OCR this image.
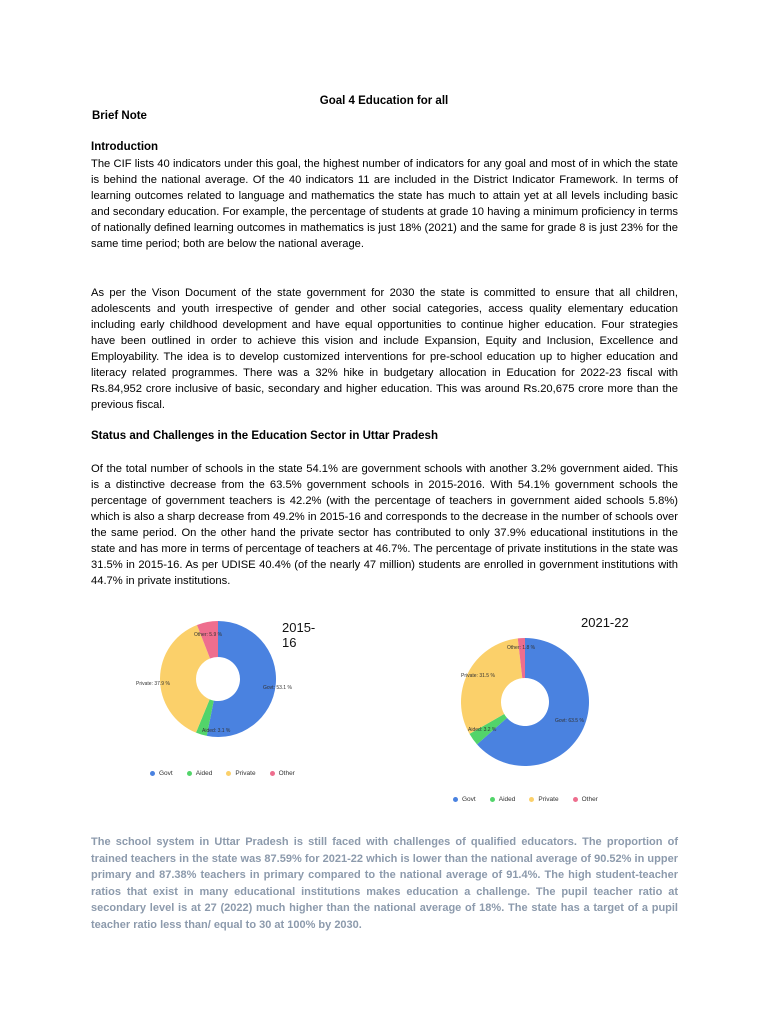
Goal 4 Education for all
Brief Note
Introduction
The CIF lists 40 indicators under this goal, the highest number of indicators for any goal and most of in which the state is behind the national average. Of the 40 indicators 11 are included in the District Indicator Framework. In terms of learning outcomes related to language and mathematics the state has much to attain yet at all levels including basic and secondary education. For example, the percentage of students at grade 10 having a minimum proficiency in terms of nationally defined learning outcomes in mathematics is just 18% (2021) and the same for grade 8 is just 23% for the same time period; both are below the national average.
As per the Vison Document of the state government for 2030 the state is committed to ensure that all children, adolescents and youth irrespective of gender and other social categories, access quality elementary education including early childhood development and have equal opportunities to continue higher education. Four strategies have been outlined in order to achieve this vision and include Expansion, Equity and Inclusion, Excellence and Employability. The idea is to develop customized interventions for pre-school education up to higher education and literacy related programmes. There was a 32% hike in budgetary allocation in Education for 2022-23 fiscal with Rs.84,952 crore inclusive of basic, secondary and higher education. This was around Rs.20,675 crore more than the previous fiscal.
Status and Challenges in the Education Sector in Uttar Pradesh
Of the total number of schools in the state 54.1% are government schools with another 3.2% government aided. This is a distinctive decrease from the 63.5% government schools in 2015-2016. With 54.1% government schools the percentage of government teachers is 42.2% (with the percentage of teachers in government aided schools 5.8%) which is also a sharp decrease from 49.2% in 2015-16 and corresponds to the decrease in the number of schools over the same period. On the other hand the private sector has contributed to only 37.9% educational institutions in the state and has more in terms of percentage of teachers at 46.7%. The percentage of private institutions in the state was 31.5% in 2015-16. As per UDISE 40.4% (of the nearly 47 million) students are enrolled in government institutions with 44.7% in private institutions.
2015-16
Govt: 53.1 %
Aided: 3.1 %
Private: 37.9 %
Other: 5.9 %
Govt	Aided	Private	Other
2021-22
Govt: 63.5 %
Aided: 3.2 %
Private: 31.5 %
Other: 1.8 %
Govt	Aided	Private	Other
The school system in Uttar Pradesh is still faced with challenges of qualified educators. The proportion of trained teachers in the state was 87.59% for 2021-22 which is lower than the national average of 90.52% in upper primary and 87.38% teachers in primary compared to the national average of 91.4%. The high student-teacher ratios that exist in many educational institutions makes education a challenge. The pupil teacher ratio at secondary level is at 27 (2022) much higher than the national average of 18%. The state has a target of a pupil teacher ratio less than/ equal to 30 at 100% by 2030.
